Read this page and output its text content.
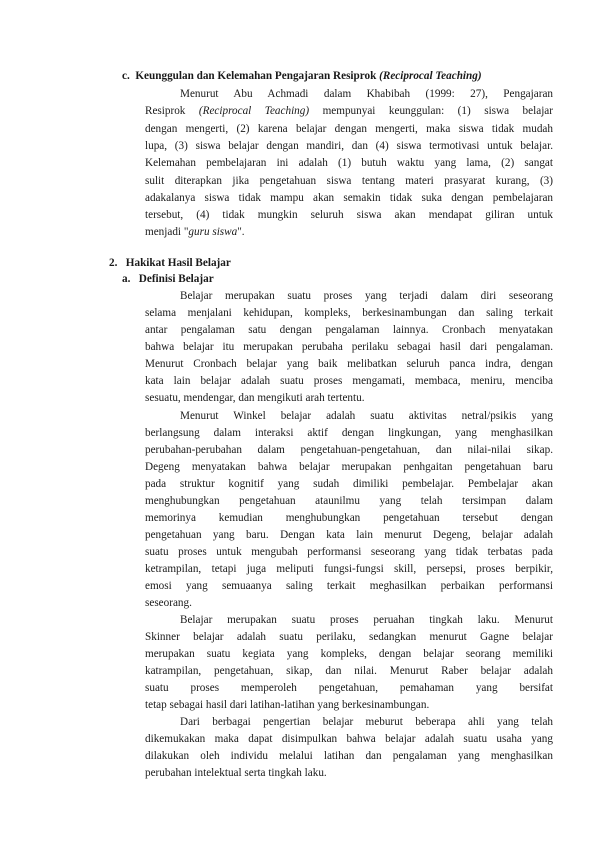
c. Keunggulan dan Kelemahan Pengajaran Resiprok (Reciprocal Teaching)
Menurut Abu Achmadi dalam Khabibah (1999: 27), Pengajaran
Resiprok (Reciprocal Teaching) mempunyai keunggulan: (1) siswa belajar
dengan mengerti, (2) karena belajar dengan mengerti, maka siswa tidak mudah
lupa, (3) siswa belajar dengan mandiri, dan (4) siswa termotivasi untuk belajar.
Kelemahan pembelajaran ini adalah (1) butuh waktu yang lama, (2) sangat
sulit diterapkan jika pengetahuan siswa tentang materi prasyarat kurang, (3)
adakalanya siswa tidak mampu akan semakin tidak suka dengan pembelajaran
tersebut, (4) tidak mungkin seluruh siswa akan mendapat giliran untuk
menjadi "guru siswa".
2. Hakikat Hasil Belajar
a. Definisi Belajar
Belajar merupakan suatu proses yang terjadi dalam diri seseorang
selama menjalani kehidupan, kompleks, berkesinambungan dan saling terkait
antar pengalaman satu dengan pengalaman lainnya. Cronbach menyatakan
bahwa belajar itu merupakan perubaha perilaku sebagai hasil dari pengalaman.
Menurut Cronbach belajar yang baik melibatkan seluruh panca indra, dengan
kata lain belajar adalah suatu proses mengamati, membaca, meniru, menciba
sesuatu, mendengar, dan mengikuti arah tertentu.
Menurut Winkel belajar adalah suatu aktivitas netral/psikis yang
berlangsung dalam interaksi aktif dengan lingkungan, yang menghasilkan
perubahan-perubahan dalam pengetahuan-pengetahuan, dan nilai-nilai sikap.
Degeng menyatakan bahwa belajar merupakan penhgaitan pengetahuan baru
pada struktur kognitif yang sudah dimiliki pembelajar. Pembelajar akan
menghubungkan pengetahuan ataunilmu yang telah tersimpan dalam
memorinya kemudian menghubungkan pengetahuan tersebut dengan
pengetahuan yang baru. Dengan kata lain menurut Degeng, belajar adalah
suatu proses untuk mengubah performansi seseorang yang tidak terbatas pada
ketrampilan, tetapi juga meliputi fungsi-fungsi skill, persepsi, proses berpikir,
emosi yang semuaanya saling terkait meghasilkan perbaikan performansi
seseorang.
Belajar merupakan suatu proses peruahan tingkah laku. Menurut
Skinner belajar adalah suatu perilaku, sedangkan menurut Gagne belajar
merupakan suatu kegiata yang kompleks, dengan belajar seorang memiliki
katrampilan, pengetahuan, sikap, dan nilai. Menurut Raber belajar adalah
suatu proses memperoleh pengetahuan, pemahaman yang bersifat
tetap sebagai hasil dari latihan-latihan yang berkesinambungan.
Dari berbagai pengertian belajar meburut beberapa ahli yang telah
dikemukakan maka dapat disimpulkan bahwa belajar adalah suatu usaha yang
dilakukan oleh individu melalui latihan dan pengalaman yang menghasilkan
perubahan intelektual serta tingkah laku.
